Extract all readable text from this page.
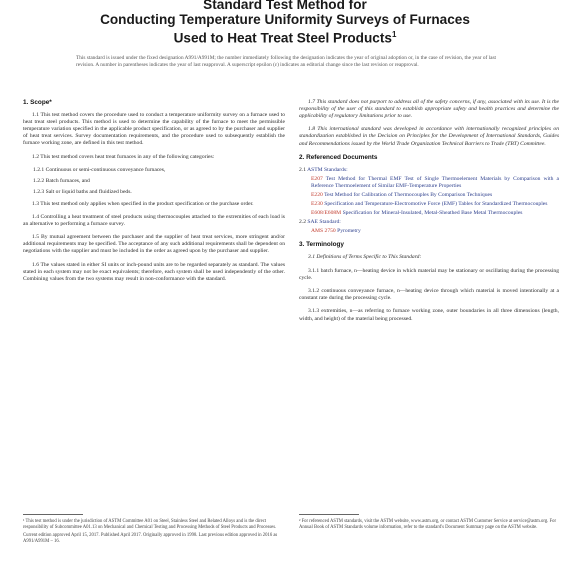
Standard Test Method for
Conducting Temperature Uniformity Surveys of Furnaces
Used to Heat Treat Steel Products$^1$
This standard is issued under the fixed designation A991/A991M; the number immediately following the designation indicates the year of original adoption or, in the case of revision, the year of last revision. A number in parentheses indicates the year of last reapproval. A superscript epsilon (ε) indicates an editorial change since the last revision or reapproval.
1. Scope*

1.1 This test method covers the procedure used to conduct a temperature uniformity survey on a furnace used to heat treat steel products. This method is used to determine the capability of the furnace to meet the permissible temperature variation specified in the applicable product specification, or as agreed to by the purchaser and supplier of heat treat services. Survey documentation requirements, and the procedure used to subsequently establish the furnace working zone, are defined in this test method.

1.2 This test method covers heat treat furnaces in any of the following categories:

1.2.1 Continuous or semi-continuous conveyance furnaces,

1.2.2 Batch furnaces, and

1.2.3 Salt or liquid baths and fluidized beds.

1.3 This test method only applies when specified in the product specification or the purchase order.

1.4 Controlling a heat treatment of steel products using thermocouples attached to the extremities of each load is an alternative to performing a furnace survey.

1.5 By mutual agreement between the purchaser and the supplier of heat treat services, more stringent and/or additional requirements may be specified. The acceptance of any such additional requirements shall be dependent on negotiations with the supplier and must be included in the order as agreed upon by the purchaser and supplier.

1.6 The values stated in either SI units or inch-pound units are to be regarded separately as standard. The values stated in each system may not be exact equivalents; therefore, each system shall be used independently of the other. Combining values from the two systems may result in non-conformance with the standard.

1.7 This standard does not purport to address all of the safety concerns, if any, associated with its use. It is the responsibility of the user of this standard to establish appropriate safety and health practices and determine the applicability of regulatory limitations prior to use.

1.8 This international standard was developed in accordance with internationally recognized principles on standardization established in the Decision on Principles for the Development of International Standards, Guides and Recommendations issued by the World Trade Organization Technical Barriers to Trade (TBT) Committee.

2. Referenced Documents

2.1 ASTM Standards:

E207 Test Method for Thermal EMF Test of Single Thermoelement Materials by Comparison with a Reference Thermoelement of Similar EMF-Temperature Properties

E220 Test Method for Calibration of Thermocouples By Comparison Techniques

E230 Specification and Temperature-Electromotive Force (EMF) Tables for Standardized Thermocouples

E608/E608M Specification for Mineral-Insulated, Metal-Sheathed Base Metal Thermocouples

2.2 SAE Standard:

AMS 2750 Pyrometry

3. Terminology

3.1 Definitions of Terms Specific to This Standard:

3.1.1 batch furnace, n—heating device in which material may be stationary or oscillating during the processing cycle.

3.1.2 continuous conveyance furnace, n—heating device through which material is moved intentionally at a constant rate during the processing cycle.

3.1.3 extremities, n—as referring to furnace working zone, outer boundaries in all three dimensions (length, width, and height) of the material being processed.

¹ This test method is under the jurisdiction of ASTM Committee A01 on Steel, Stainless Steel and Related Alloys and is the direct responsibility of Subcommittee A01.13 on Mechanical and Chemical Testing and Processing Methods of Steel Products and Processes.
Current edition approved April 15, 2017. Published April 2017. Originally approved in 1998. Last previous edition approved in 2016 as A991/A991M – 16.
² For referenced ASTM standards, visit the ASTM website, www.astm.org, or contact ASTM Customer Service at service@astm.org. For Annual Book of ASTM Standards volume information, refer to the standard's Document Summary page on the ASTM website.
